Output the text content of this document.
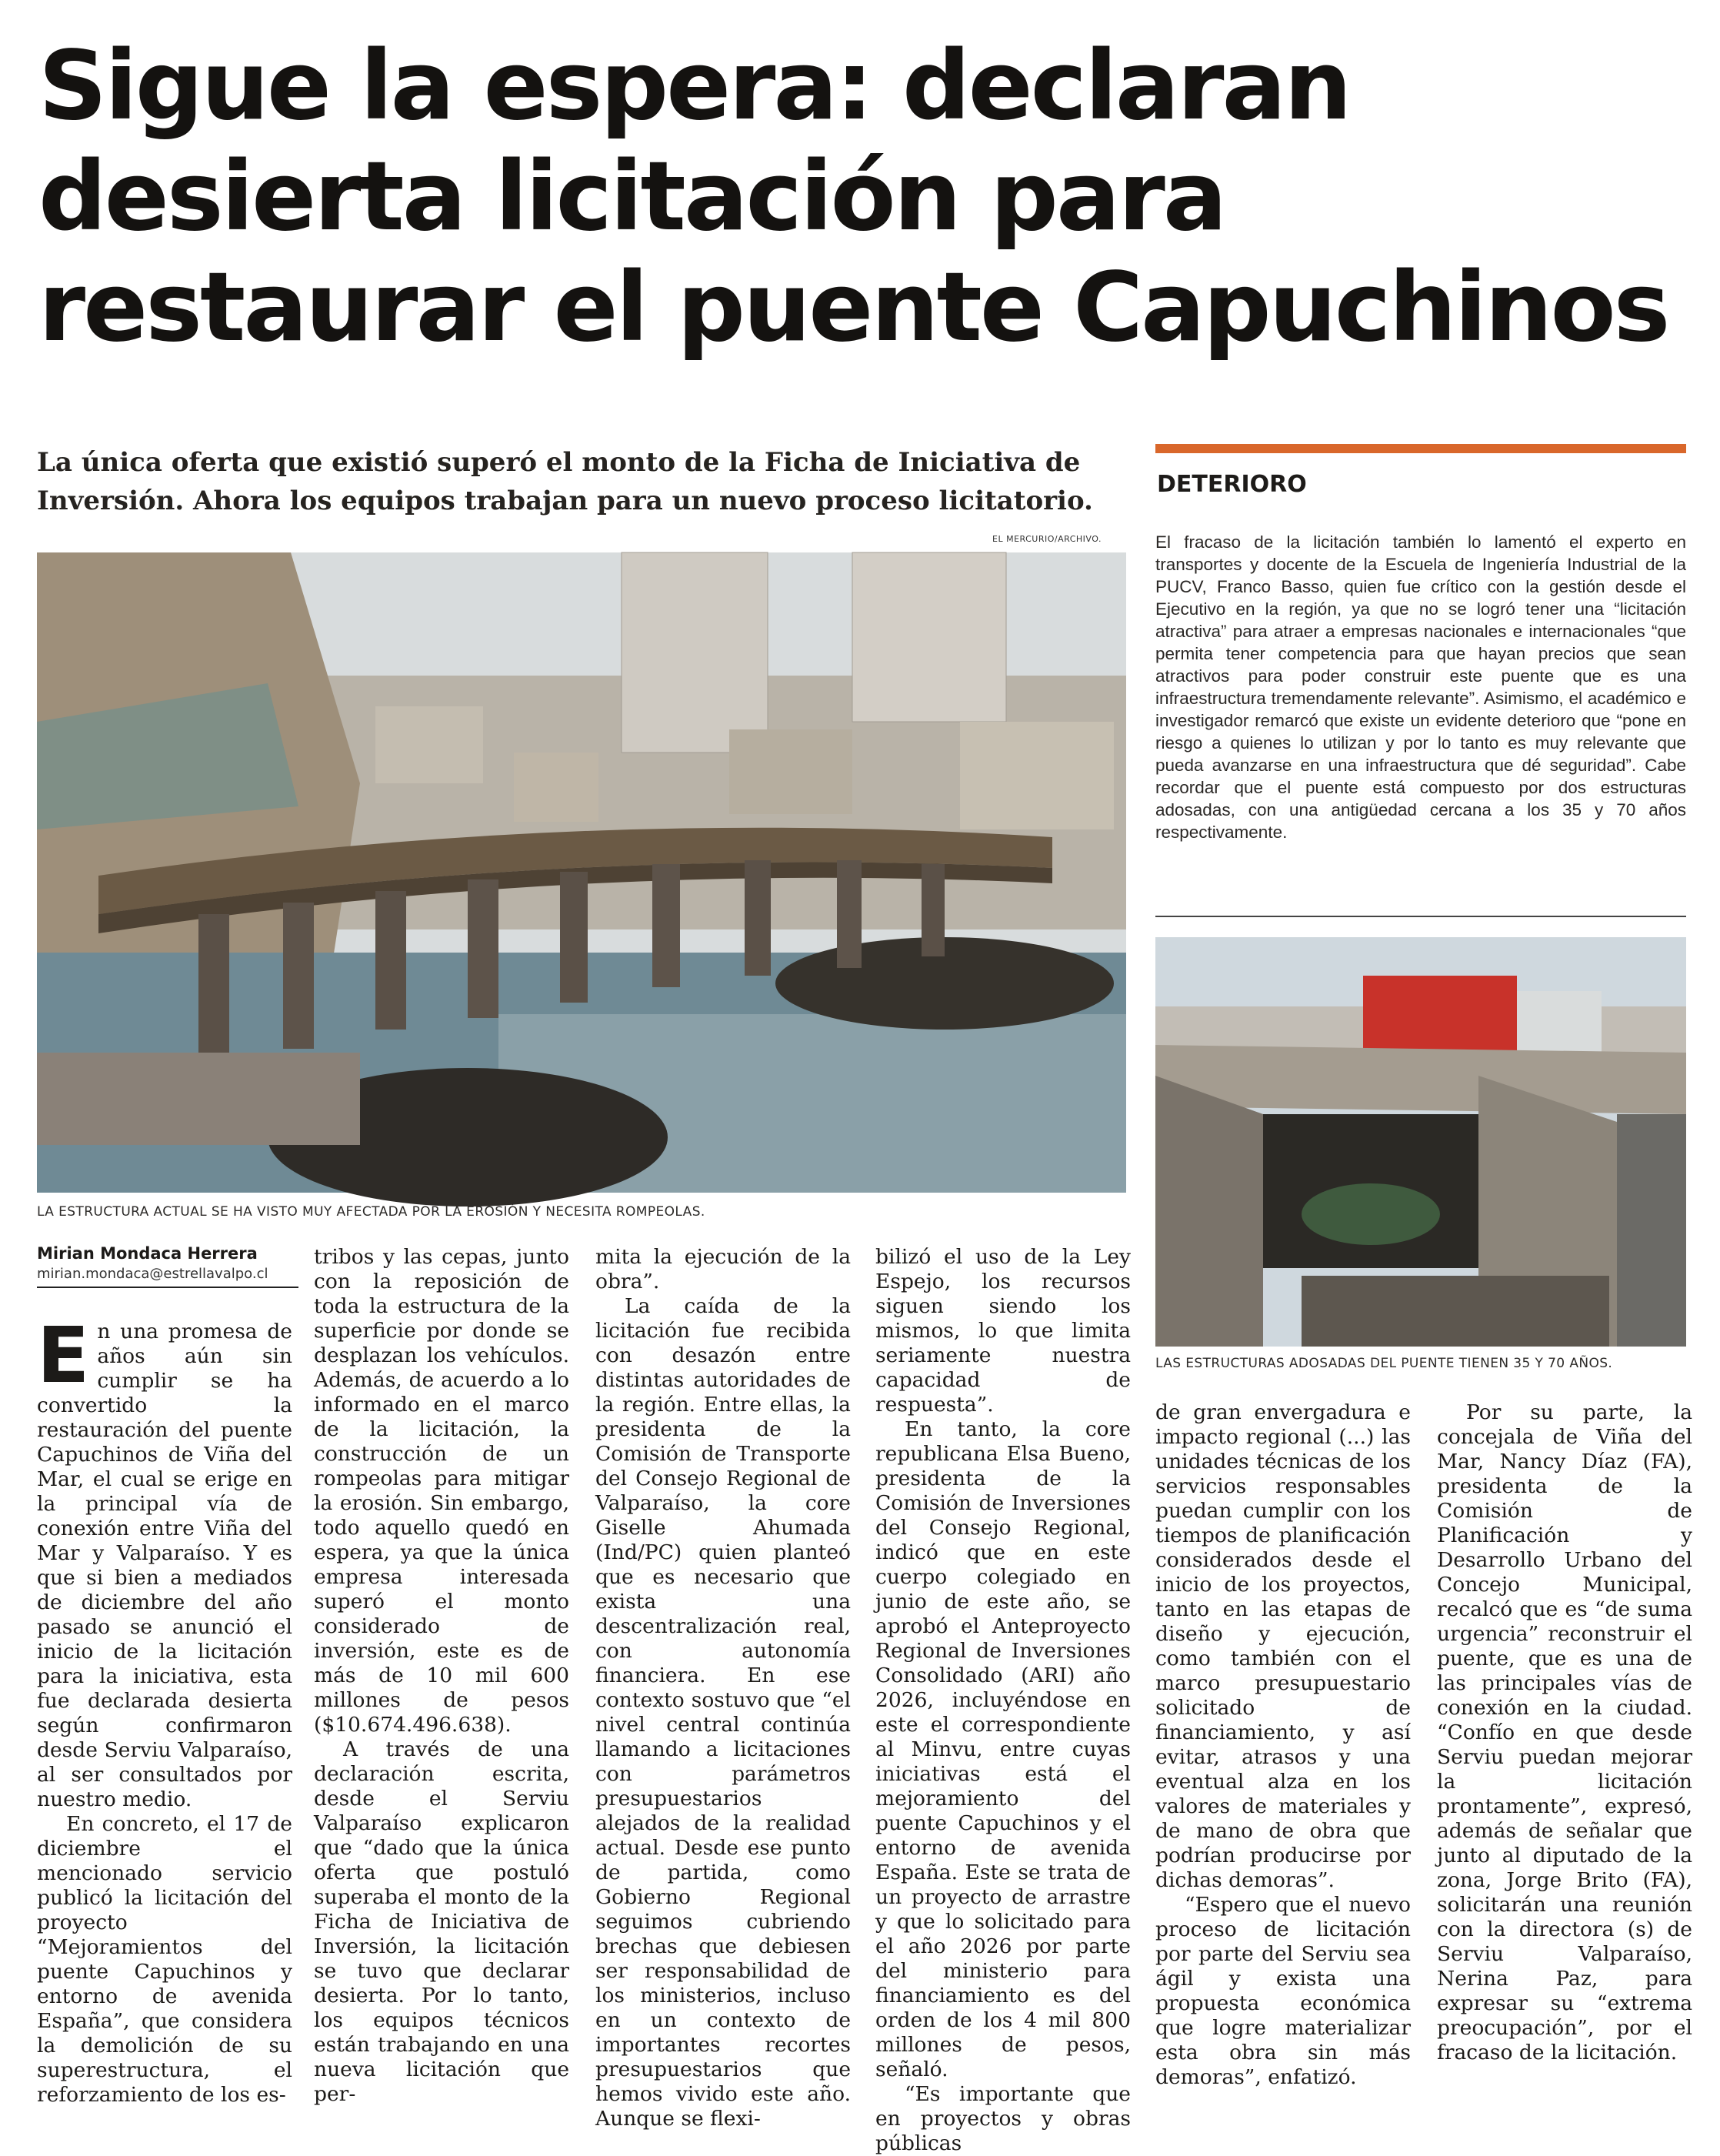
Sigue la espera: declaran
desierta licitación para
restaurar el puente Capuchinos
La única oferta que existió superó el monto de la Ficha de Iniciativa de
Inversión. Ahora los equipos trabajan para un nuevo proceso licitatorio.
EL MERCURIO/ARCHIVO.
LA ESTRUCTURA ACTUAL SE HA VISTO MUY AFECTADA POR LA EROSIÓN Y NECESITA ROMPEOLAS.
DETERIORO

El fracaso de la licitación también lo lamentó el experto en transportes y docente de la Escuela de Ingeniería Industrial de la PUCV, Franco Basso, quien fue crítico con la gestión desde el Ejecutivo en la región, ya que no se logró tener una “licitación atractiva” para atraer a empresas nacionales e internacionales “que permita tener competencia para que hayan precios que sean atractivos para poder construir este puente que es una infraestructura tremendamente relevante”. Asimismo, el académico e investigador remarcó que existe un evidente deterioro que “pone en riesgo a quienes lo utilizan y por lo tanto es muy relevante que pueda avanzarse en una infraestructura que dé seguridad”. Cabe recordar que el puente está compuesto por dos estructuras adosadas, con una antigüedad cercana a los 35 y 70 años respectivamente.

LAS ESTRUCTURAS ADOSADAS DEL PUENTE TIENEN 35 Y 70 AÑOS.
Mirian Mondaca Herrera
mirian.mondaca@estrellavalpo.cl

En una promesa de años aún sin cumplir se ha convertido la restauración del puente Capuchinos de Viña del Mar, el cual se erige en la principal vía de conexión entre Viña del Mar y Valparaíso. Y es que si bien a mediados de diciembre del año pasado se anunció el inicio de la licitación para la iniciativa, esta fue declarada desierta según confirmaron desde Serviu Valparaíso, al ser consultados por nuestro medio.

En concreto, el 17 de diciembre el mencionado servicio publicó la licitación del proyecto “Mejoramientos del puente Capuchinos y entorno de avenida España”, que considera la demolición de su superestructura, el reforzamiento de los es-

tribos y las cepas, junto con la reposición de toda la estructura de la superficie por donde se desplazan los vehículos. Además, de acuerdo a lo informado en el marco de la licitación, la construcción de un rompeolas para mitigar la erosión. Sin embargo, todo aquello quedó en espera, ya que la única empresa interesada superó el monto considerado de inversión, este es de más de 10 mil 600 millones de pesos ($10.674.496.638).

A través de una declaración escrita, desde el Serviu Valparaíso explicaron que “dado que la única oferta que postuló superaba el monto de la Ficha de Iniciativa de Inversión, la licitación se tuvo que declarar desierta. Por lo tanto, los equipos técnicos están trabajando en una nueva licitación que per-

mita la ejecución de la obra”.

La caída de la licitación fue recibida con desazón entre distintas autoridades de la región. Entre ellas, la presidenta de la Comisión de Transporte del Consejo Regional de Valparaíso, la core Giselle Ahumada (Ind/PC) quien planteó que es necesario que exista una descentralización real, con autonomía financiera. En ese contexto sostuvo que “el nivel central continúa llamando a licitaciones con parámetros presupuestarios alejados de la realidad actual. Desde ese punto de partida, como Gobierno Regional seguimos cubriendo brechas que debiesen ser responsabilidad de los ministerios, incluso en un contexto de importantes recortes presupuestarios que hemos vivido este año. Aunque se flexi-

bilizó el uso de la Ley Espejo, los recursos siguen siendo los mismos, lo que limita seriamente nuestra capacidad de respuesta”.

En tanto, la core republicana Elsa Bueno, presidenta de la Comisión de Inversiones del Consejo Regional, indicó que en este cuerpo colegiado en junio de este año, se aprobó el Anteproyecto Regional de Inversiones Consolidado (ARI) año 2026, incluyéndose en este el correspondiente al Minvu, entre cuyas iniciativas está el mejoramiento del puente Capuchinos y el entorno de avenida España. Este se trata de un proyecto de arrastre y que lo solicitado para el año 2026 por parte del ministerio para financiamiento es del orden de los 4 mil 800 millones de pesos, señaló.

“Es importante que en proyectos y obras públicas

de gran envergadura e impacto regional (...) las unidades técnicas de los servicios responsables puedan cumplir con los tiempos de planificación considerados desde el inicio de los proyectos, tanto en las etapas de diseño y ejecución, como también con el marco presupuestario solicitado de financiamiento, y así evitar, atrasos y una eventual alza en los valores de materiales y de mano de obra que podrían producirse por dichas demoras”.

“Espero que el nuevo proceso de licitación por parte del Serviu sea ágil y exista una propuesta económica que logre materializar esta obra sin más demoras”, enfatizó.

Por su parte, la concejala de Viña del Mar, Nancy Díaz (FA), presidenta de la Comisión de Planificación y Desarrollo Urbano del Concejo Municipal, recalcó que es “de suma urgencia” reconstruir el puente, que es una de las principales vías de conexión en la ciudad. “Confío en que desde Serviu puedan mejorar la licitación prontamente”, expresó, además de señalar que junto al diputado de la zona, Jorge Brito (FA), solicitarán una reunión con la directora (s) de Serviu Valparaíso, Nerina Paz, para expresar su “extrema preocupación”, por el fracaso de la licitación.
